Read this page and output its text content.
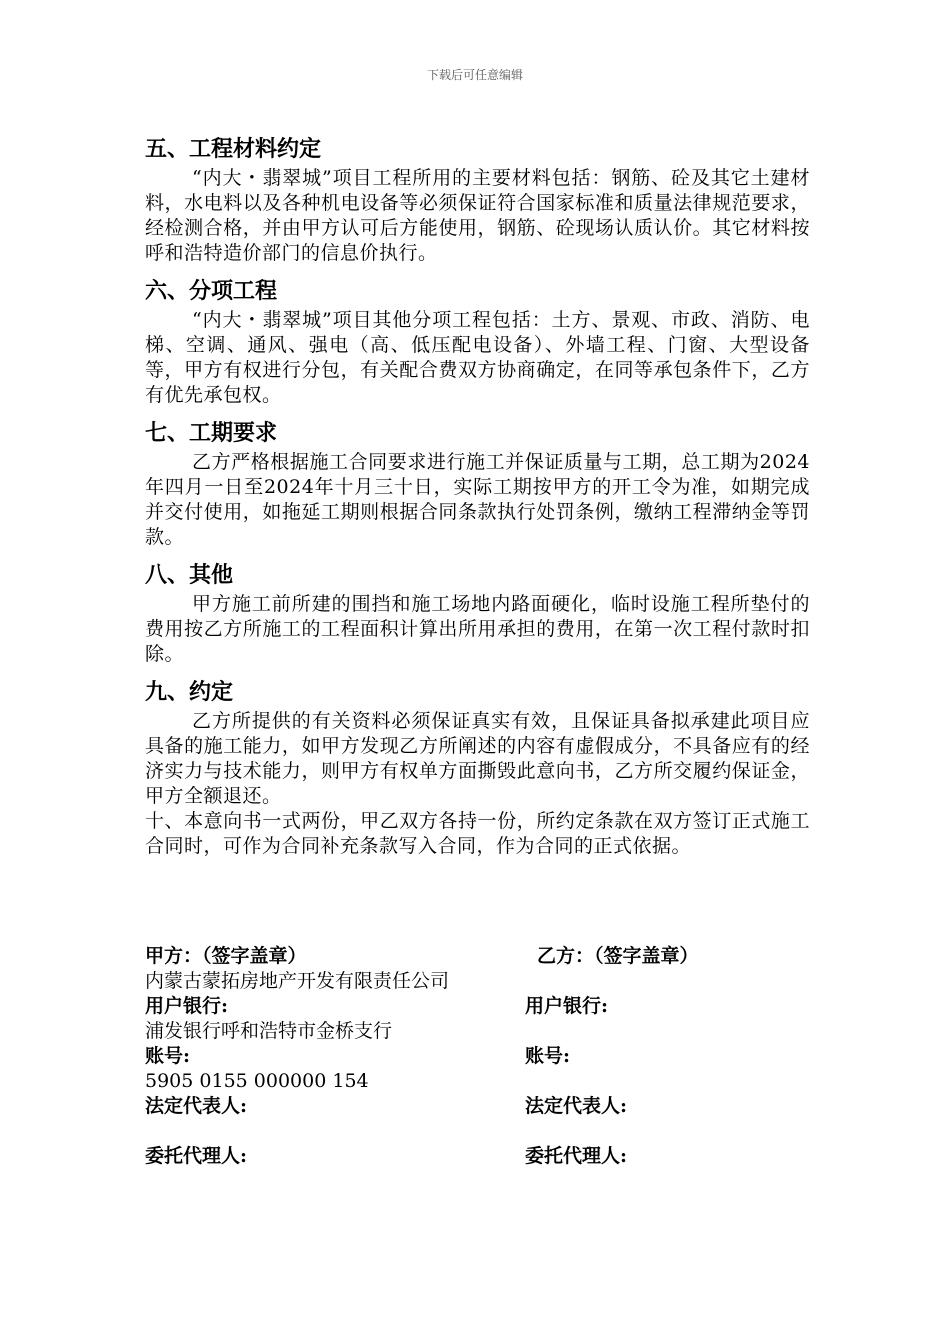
下载后可任意编辑
五、工程材料约定

“内大・翡翠城”项目工程所用的主要材料包括：钢筋、砼及其它土建材料，水电料以及各种机电设备等必须保证符合国家标准和质量法律规范要求，经检测合格，并由甲方认可后方能使用，钢筋、砼现场认质认价。其它材料按呼和浩特造价部门的信息价执行。

六、分项工程

“内大・翡翠城”项目其他分项工程包括：土方、景观、市政、消防、电梯、空调、通风、强电（高、低压配电设备）、外墙工程、门窗、大型设备等，甲方有权进行分包，有关配合费双方协商确定，在同等承包条件下，乙方有优先承包权。

七、工期要求

乙方严格根据施工合同要求进行施工并保证质量与工期，总工期为2024年四月一日至2024年十月三十日，实际工期按甲方的开工令为准，如期完成并交付使用，如拖延工期则根据合同条款执行处罚条例，缴纳工程滞纳金等罚款。

八、其他

甲方施工前所建的围挡和施工场地内路面硬化，临时设施工程所垫付的费用按乙方所施工的工程面积计算出所用承担的费用，在第一次工程付款时扣除。

九、约定

乙方所提供的有关资料必须保证真实有效，且保证具备拟承建此项目应具备的施工能力，如甲方发现乙方所阐述的内容有虚假成分，不具备应有的经济实力与技术能力，则甲方有权单方面撕毁此意向书，乙方所交履约保证金，甲方全额退还。

十、本意向书一式两份，甲乙双方各持一份，所约定条款在双方签订正式施工合同时，可作为合同补充条款写入合同，作为合同的正式依据。

甲方：（签字盖章）	乙方：（签字盖章）
内蒙古蒙拓房地产开发有限责任公司
用户银行:	用户银行:
浦发银行呼和浩特市金桥支行
账号:	账号:
5905 0155 000000 154
法定代表人:	法定代表人:
委托代理人:	委托代理人:
